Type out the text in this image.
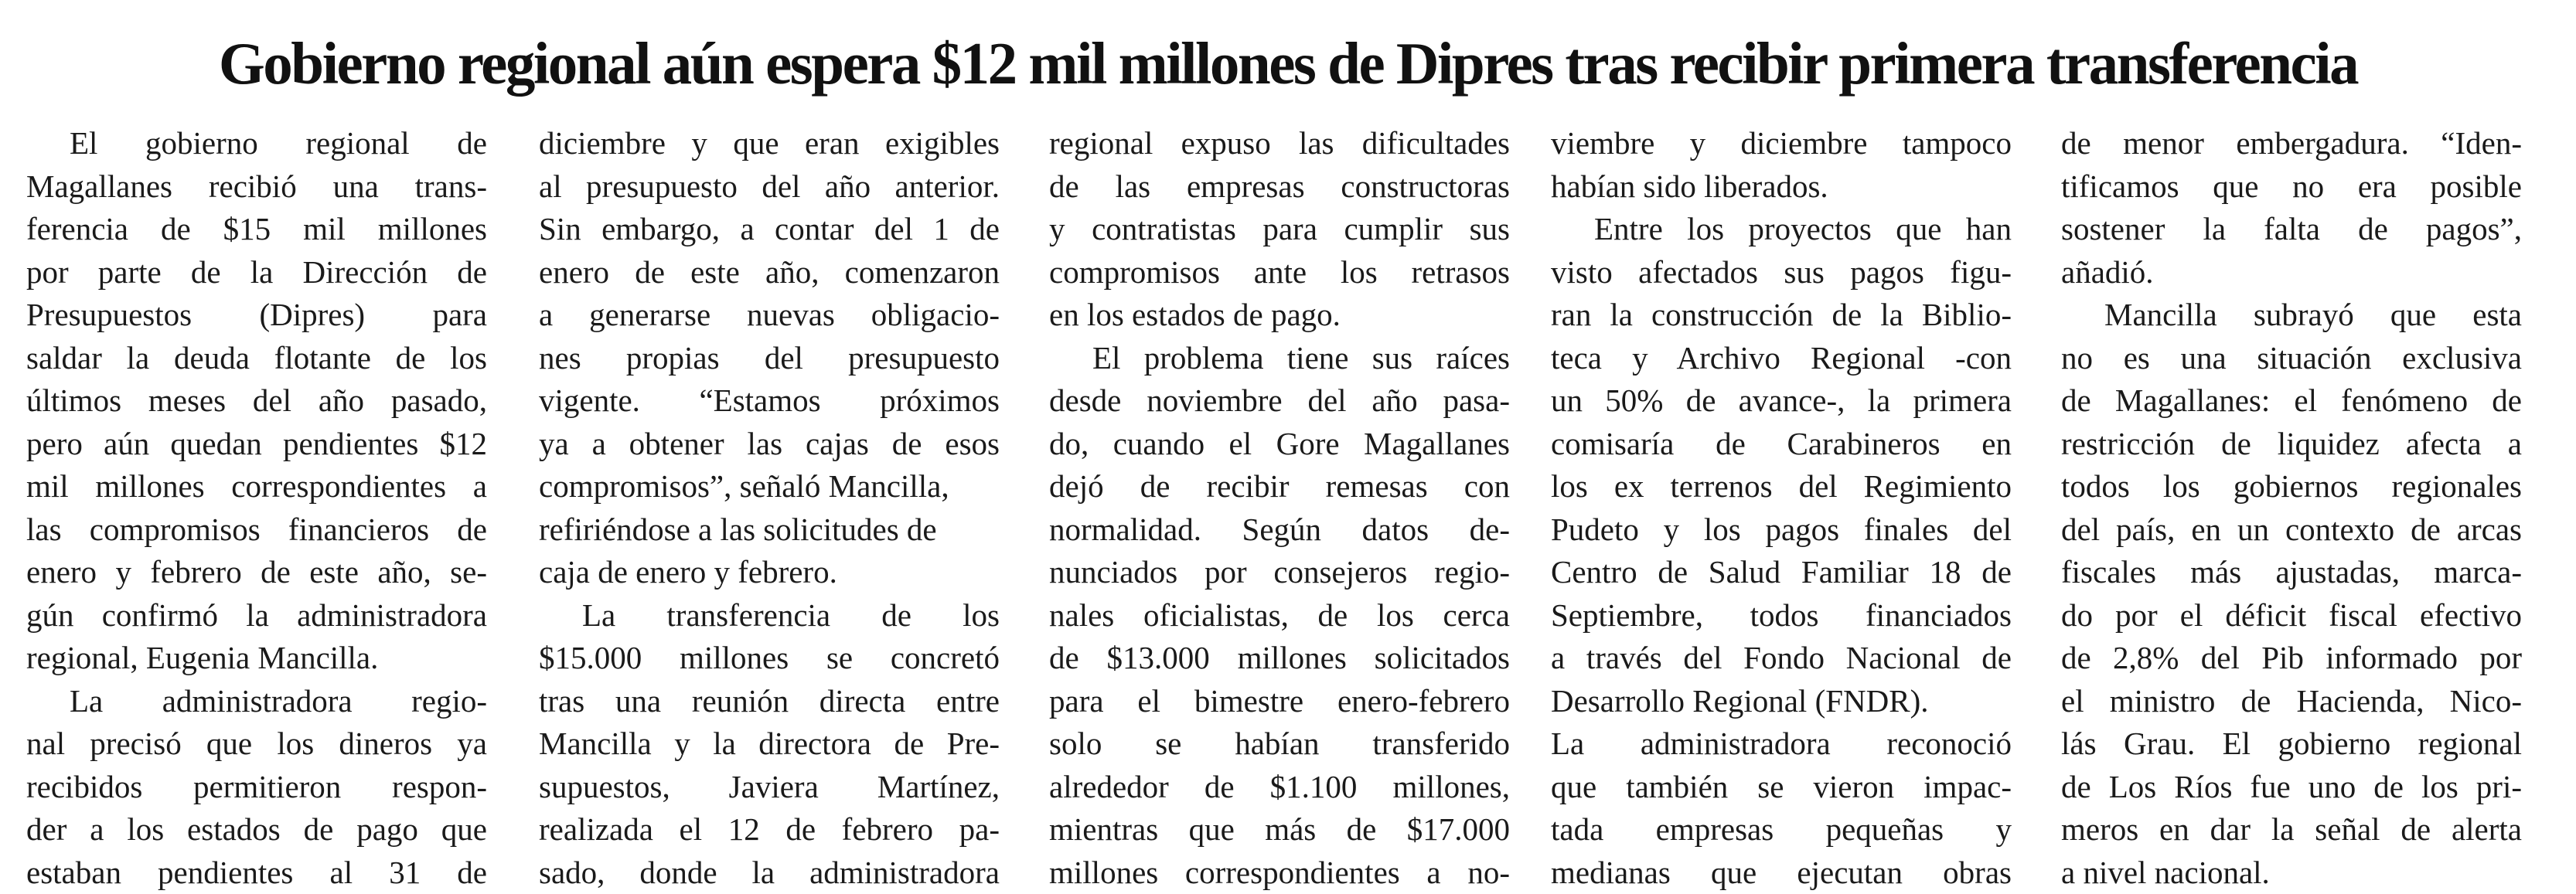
Gobierno regional aún espera $12 mil millones de Dipres tras recibir primera transferencia
El gobierno regional de
Magallanes recibió una trans-
ferencia de $15 mil millones
por parte de la Dirección de
Presupuestos (Dipres) para
saldar la deuda flotante de los
últimos meses del año pasado,
pero aún quedan pendientes $12
mil millones correspondientes a
las compromisos financieros de
enero y febrero de este año, se-
gún confirmó la administradora
regional, Eugenia Mancilla.
La administradora regio-
nal precisó que los dineros ya
recibidos permitieron respon-
der a los estados de pago que
estaban pendientes al 31 de
diciembre y que eran exigibles
al presupuesto del año anterior.
Sin embargo, a contar del 1 de
enero de este año, comenzaron
a generarse nuevas obligacio-
nes propias del presupuesto
vigente. “Estamos próximos
ya a obtener las cajas de esos
compromisos”, señaló Mancilla,
refiriéndose a las solicitudes de
caja de enero y febrero.
La transferencia de los
$15.000 millones se concretó
tras una reunión directa entre
Mancilla y la directora de Pre-
supuestos, Javiera Martínez,
realizada el 12 de febrero pa-
sado, donde la administradora
regional expuso las dificultades
de las empresas constructoras
y contratistas para cumplir sus
compromisos ante los retrasos
en los estados de pago.
El problema tiene sus raíces
desde noviembre del año pasa-
do, cuando el Gore Magallanes
dejó de recibir remesas con
normalidad. Según datos de-
nunciados por consejeros regio-
nales oficialistas, de los cerca
de $13.000 millones solicitados
para el bimestre enero-febrero
solo se habían transferido
alrededor de $1.100 millones,
mientras que más de $17.000
millones correspondientes a no-
viembre y diciembre tampoco
habían sido liberados.
Entre los proyectos que han
visto afectados sus pagos figu-
ran la construcción de la Biblio-
teca y Archivo Regional -con
un 50% de avance-, la primera
comisaría de Carabineros en
los ex terrenos del Regimiento
Pudeto y los pagos finales del
Centro de Salud Familiar 18 de
Septiembre, todos financiados
a través del Fondo Nacional de
Desarrollo Regional (FNDR).
La administradora reconoció
que también se vieron impac-
tada empresas pequeñas y
medianas que ejecutan obras
de menor embergadura. “Iden-
tificamos que no era posible
sostener la falta de pagos”,
añadió.
Mancilla subrayó que esta
no es una situación exclusiva
de Magallanes: el fenómeno de
restricción de liquidez afecta a
todos los gobiernos regionales
del país, en un contexto de arcas
fiscales más ajustadas, marca-
do por el déficit fiscal efectivo
de 2,8% del Pib informado por
el ministro de Hacienda, Nico-
lás Grau. El gobierno regional
de Los Ríos fue uno de los pri-
meros en dar la señal de alerta
a nivel nacional.
